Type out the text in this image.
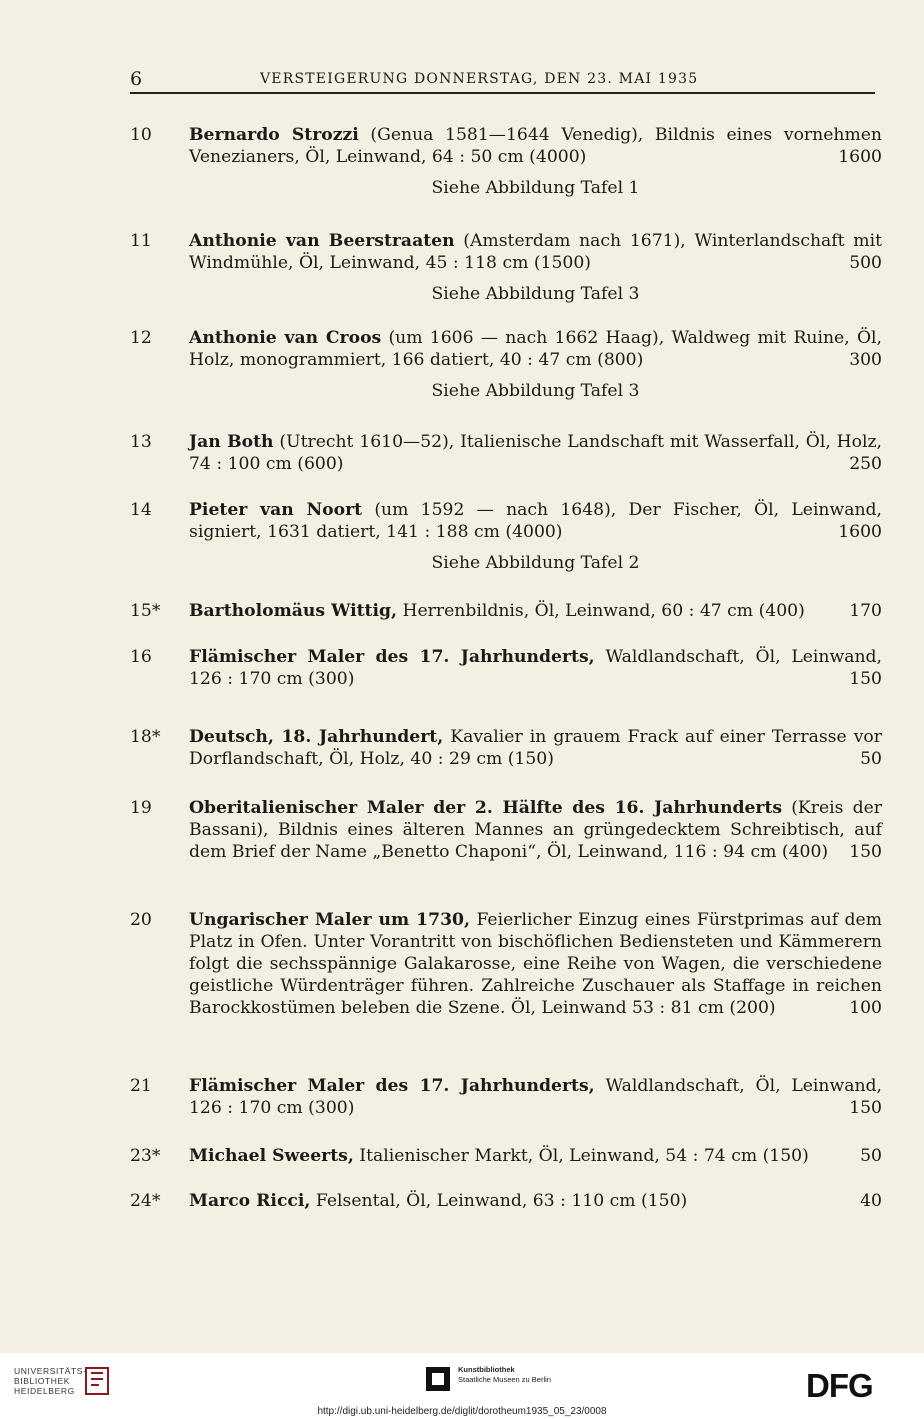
6	VERSTEIGERUNG DONNERSTAG, DEN 23. MAI 1935
10	Bernardo Strozzi (Genua 1581—1644 Venedig), Bildnis eines vornehmen Venezianers, Öl, Leinwand, 64 : 50 cm (4000)	1600
Siehe Abbildung Tafel 1
11	Anthonie van Beerstraaten (Amsterdam nach 1671), Winterlandschaft mit Windmühle, Öl, Leinwand, 45 : 118 cm (1500)	500
Siehe Abbildung Tafel 3
12	Anthonie van Croos (um 1606 — nach 1662 Haag), Waldweg mit Ruine, Öl, Holz, monogrammiert, 166 datiert, 40 : 47 cm (800)	300
Siehe Abbildung Tafel 3
13	Jan Both (Utrecht 1610—52), Italienische Landschaft mit Wasserfall, Öl, Holz, 74 : 100 cm (600)	250
14	Pieter van Noort (um 1592 — nach 1648), Der Fischer, Öl, Leinwand, signiert, 1631 datiert, 141 : 188 cm (4000)	1600
Siehe Abbildung Tafel 2
15*	Bartholomäus Wittig, Herrenbildnis, Öl, Leinwand, 60 : 47 cm (400)	170
16	Flämischer Maler des 17. Jahrhunderts, Waldlandschaft, Öl, Leinwand, 126 : 170 cm (300)	150
18*	Deutsch, 18. Jahrhundert, Kavalier in grauem Frack auf einer Terrasse vor Dorflandschaft, Öl, Holz, 40 : 29 cm (150)	50
19	Oberitalienischer Maler der 2. Hälfte des 16. Jahrhunderts (Kreis der Bassani), Bildnis eines älteren Mannes an grüngedecktem Schreibtisch, auf dem Brief der Name „Benetto Chaponi“, Öl, Leinwand, 116 : 94 cm (400) 150
20	Ungarischer Maler um 1730, Feierlicher Einzug eines Fürstprimas auf dem Platz in Ofen. Unter Vorantritt von bischöflichen Bediensteten und Kämmerern folgt die sechsspännige Galakarosse, eine Reihe von Wagen, die verschiedene geistliche Würdenträger führen. Zahlreiche Zuschauer als Staffage in reichen Barockkostümen beleben die Szene. Öl, Leinwand 53 : 81 cm (200)	100
21	Flämischer Maler des 17. Jahrhunderts, Waldlandschaft, Öl, Leinwand, 126 : 170 cm (300)	150
23*	Michael Sweerts, Italienischer Markt, Öl, Leinwand, 54 : 74 cm (150)	50
24*	Marco Ricci, Felsental, Öl, Leinwand, 63 : 110 cm (150)	40
UNIVERSITÄTS-
BIBLIOTHEK
HEIDELBERG
Kunstbibliothek
Staatliche Museen zu Berlin	DFG
http://digi.ub.uni-heidelberg.de/diglit/dorotheum1935_05_23/0008
